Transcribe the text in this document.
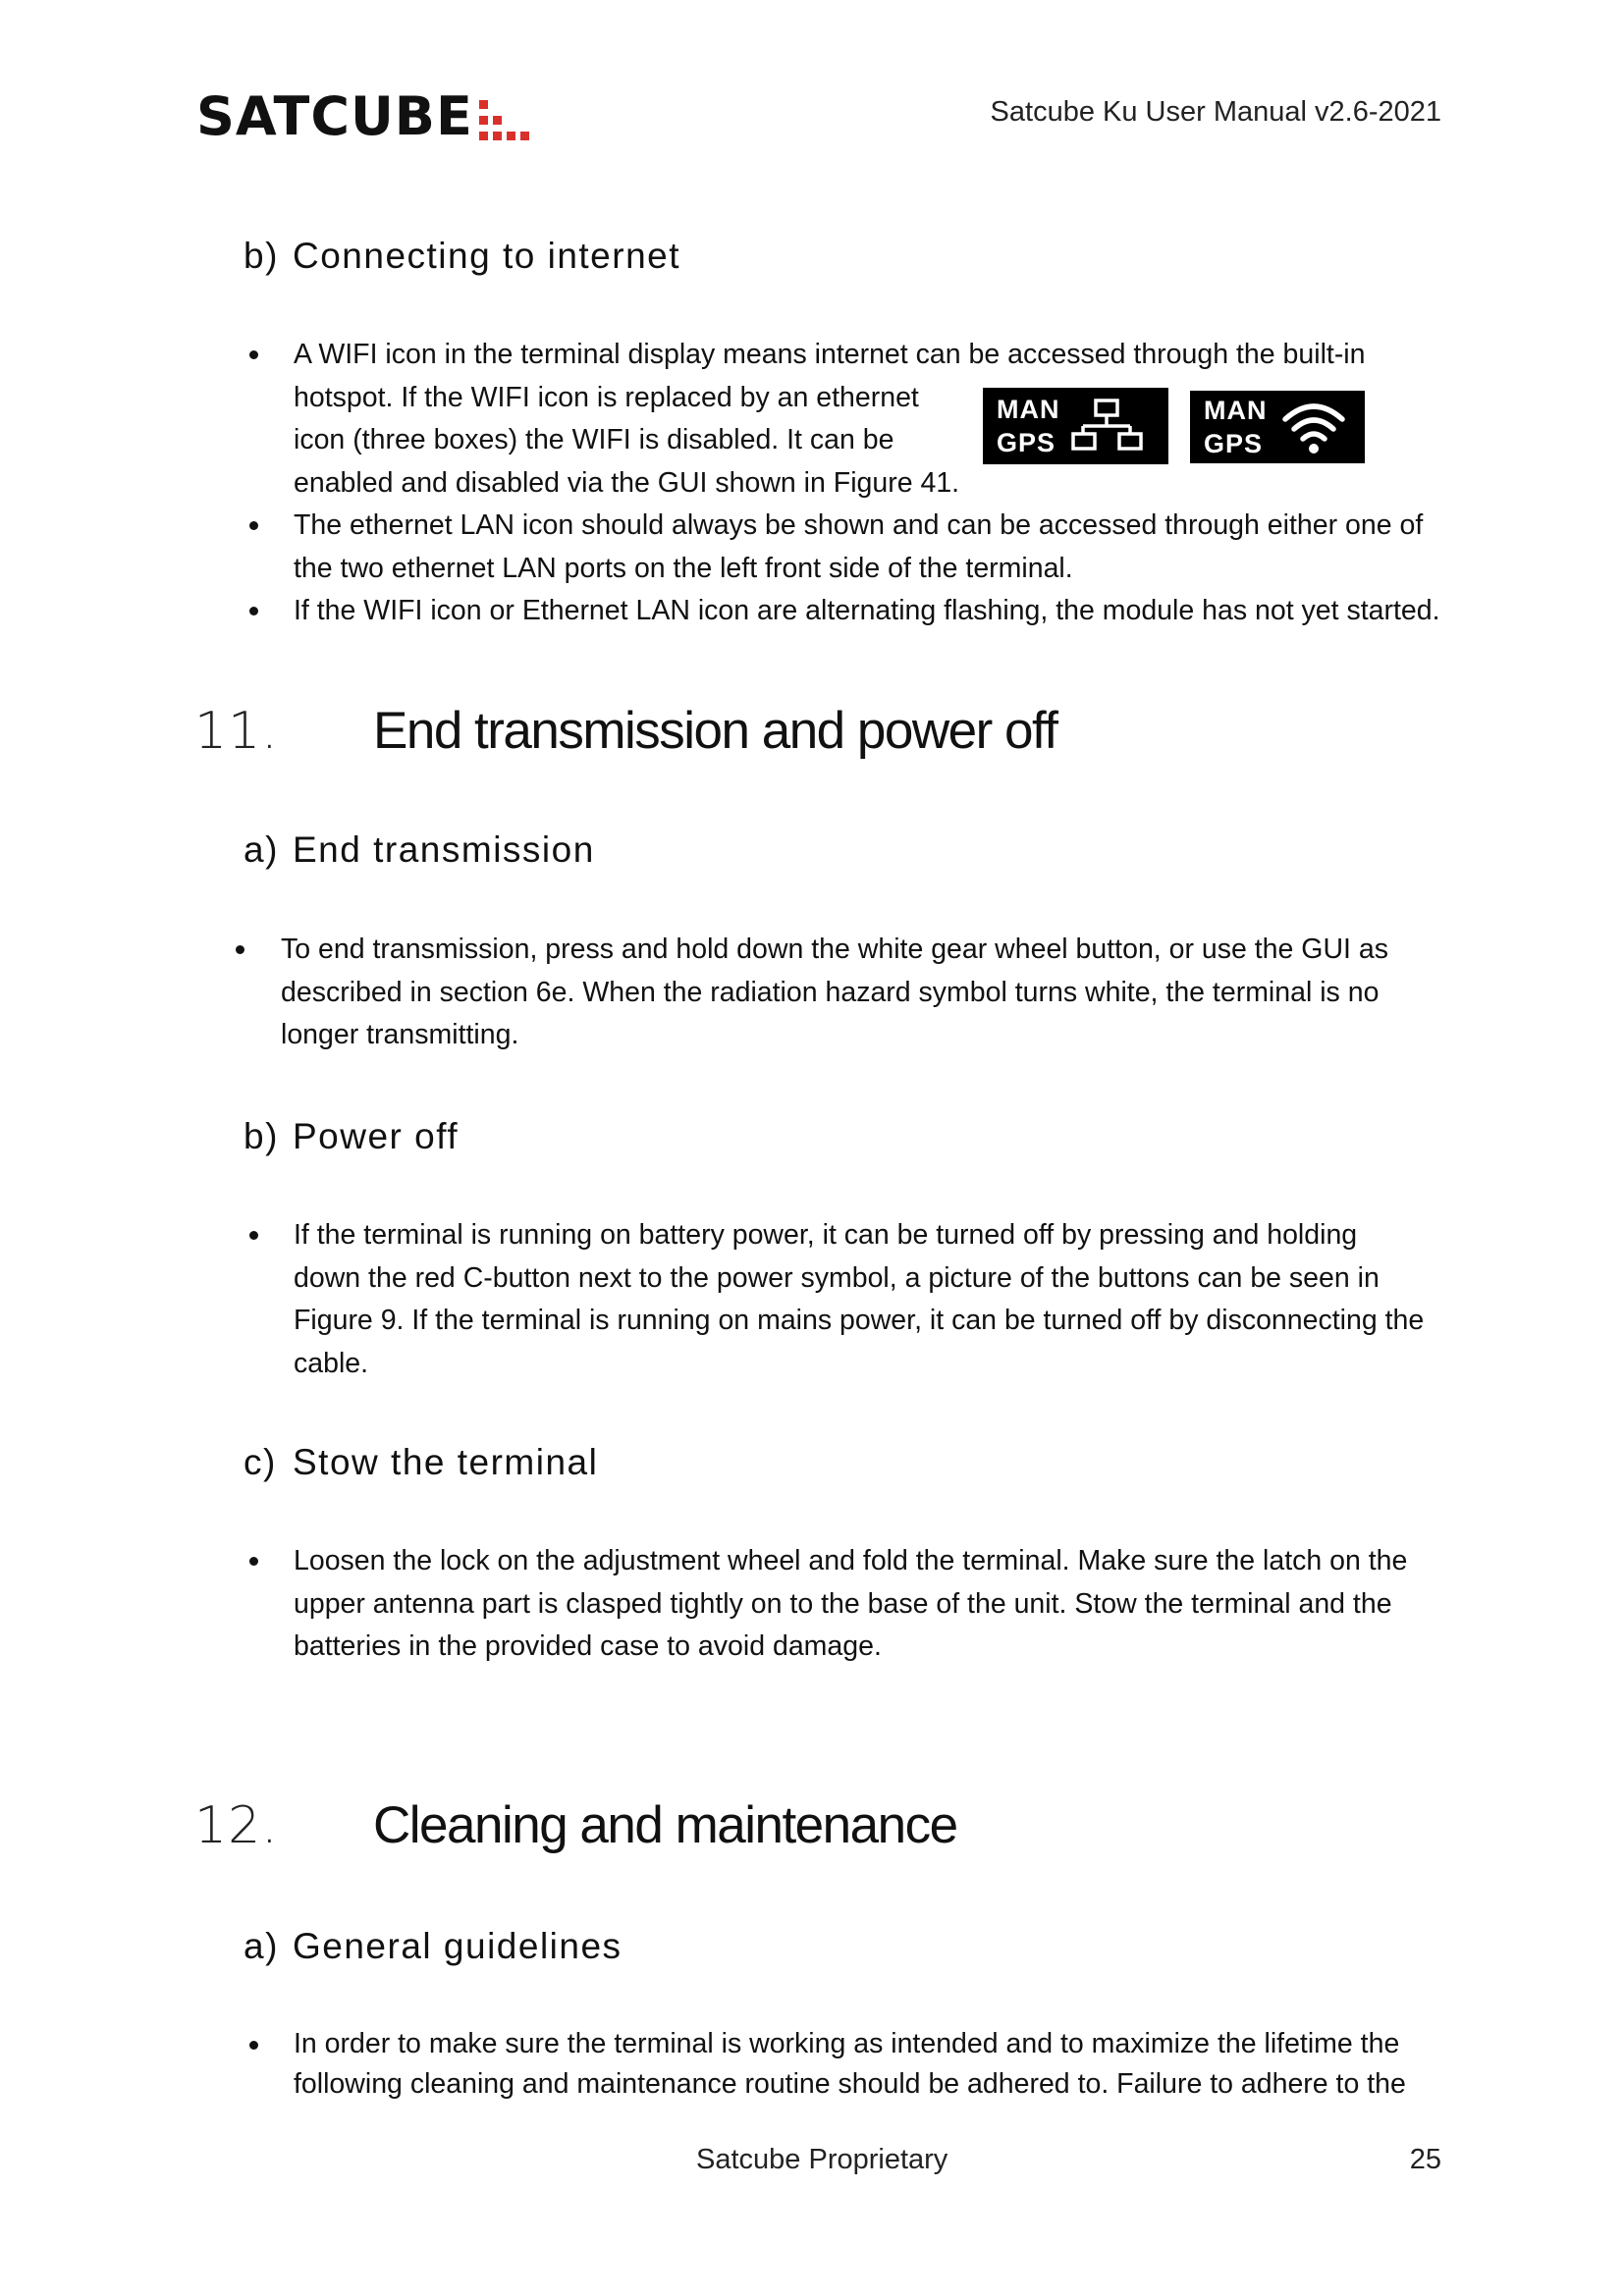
SATCUBE	Satcube Ku User Manual v2.6-2021
b) Connecting to internet
A WIFI icon in the terminal display means internet can be accessed through the built-in
hotspot. If the WIFI icon is replaced by an ethernet
icon (three boxes) the WIFI is disabled. It can be
enabled and disabled via the GUI shown in Figure 41.
MAN
GPS
MAN
GPS
The ethernet LAN icon should always be shown and can be accessed through either one of
the two ethernet LAN ports on the left front side of the terminal.
If the WIFI icon or Ethernet LAN icon are alternating flashing, the module has not yet started.
11. End transmission and power off
a) End transmission
To end transmission, press and hold down the white gear wheel button, or use the GUI as
described in section 6e. When the radiation hazard symbol turns white, the terminal is no
longer transmitting.
b) Power off
If the terminal is running on battery power, it can be turned off by pressing and holding
down the red C-button next to the power symbol, a picture of the buttons can be seen in
Figure 9. If the terminal is running on mains power, it can be turned off by disconnecting the
cable.
c) Stow the terminal
Loosen the lock on the adjustment wheel and fold the terminal. Make sure the latch on the
upper antenna part is clasped tightly on to the base of the unit. Stow the terminal and the
batteries in the provided case to avoid damage.
12. Cleaning and maintenance
a) General guidelines
In order to make sure the terminal is working as intended and to maximize the lifetime the
following cleaning and maintenance routine should be adhered to. Failure to adhere to the
Satcube Proprietary	25
